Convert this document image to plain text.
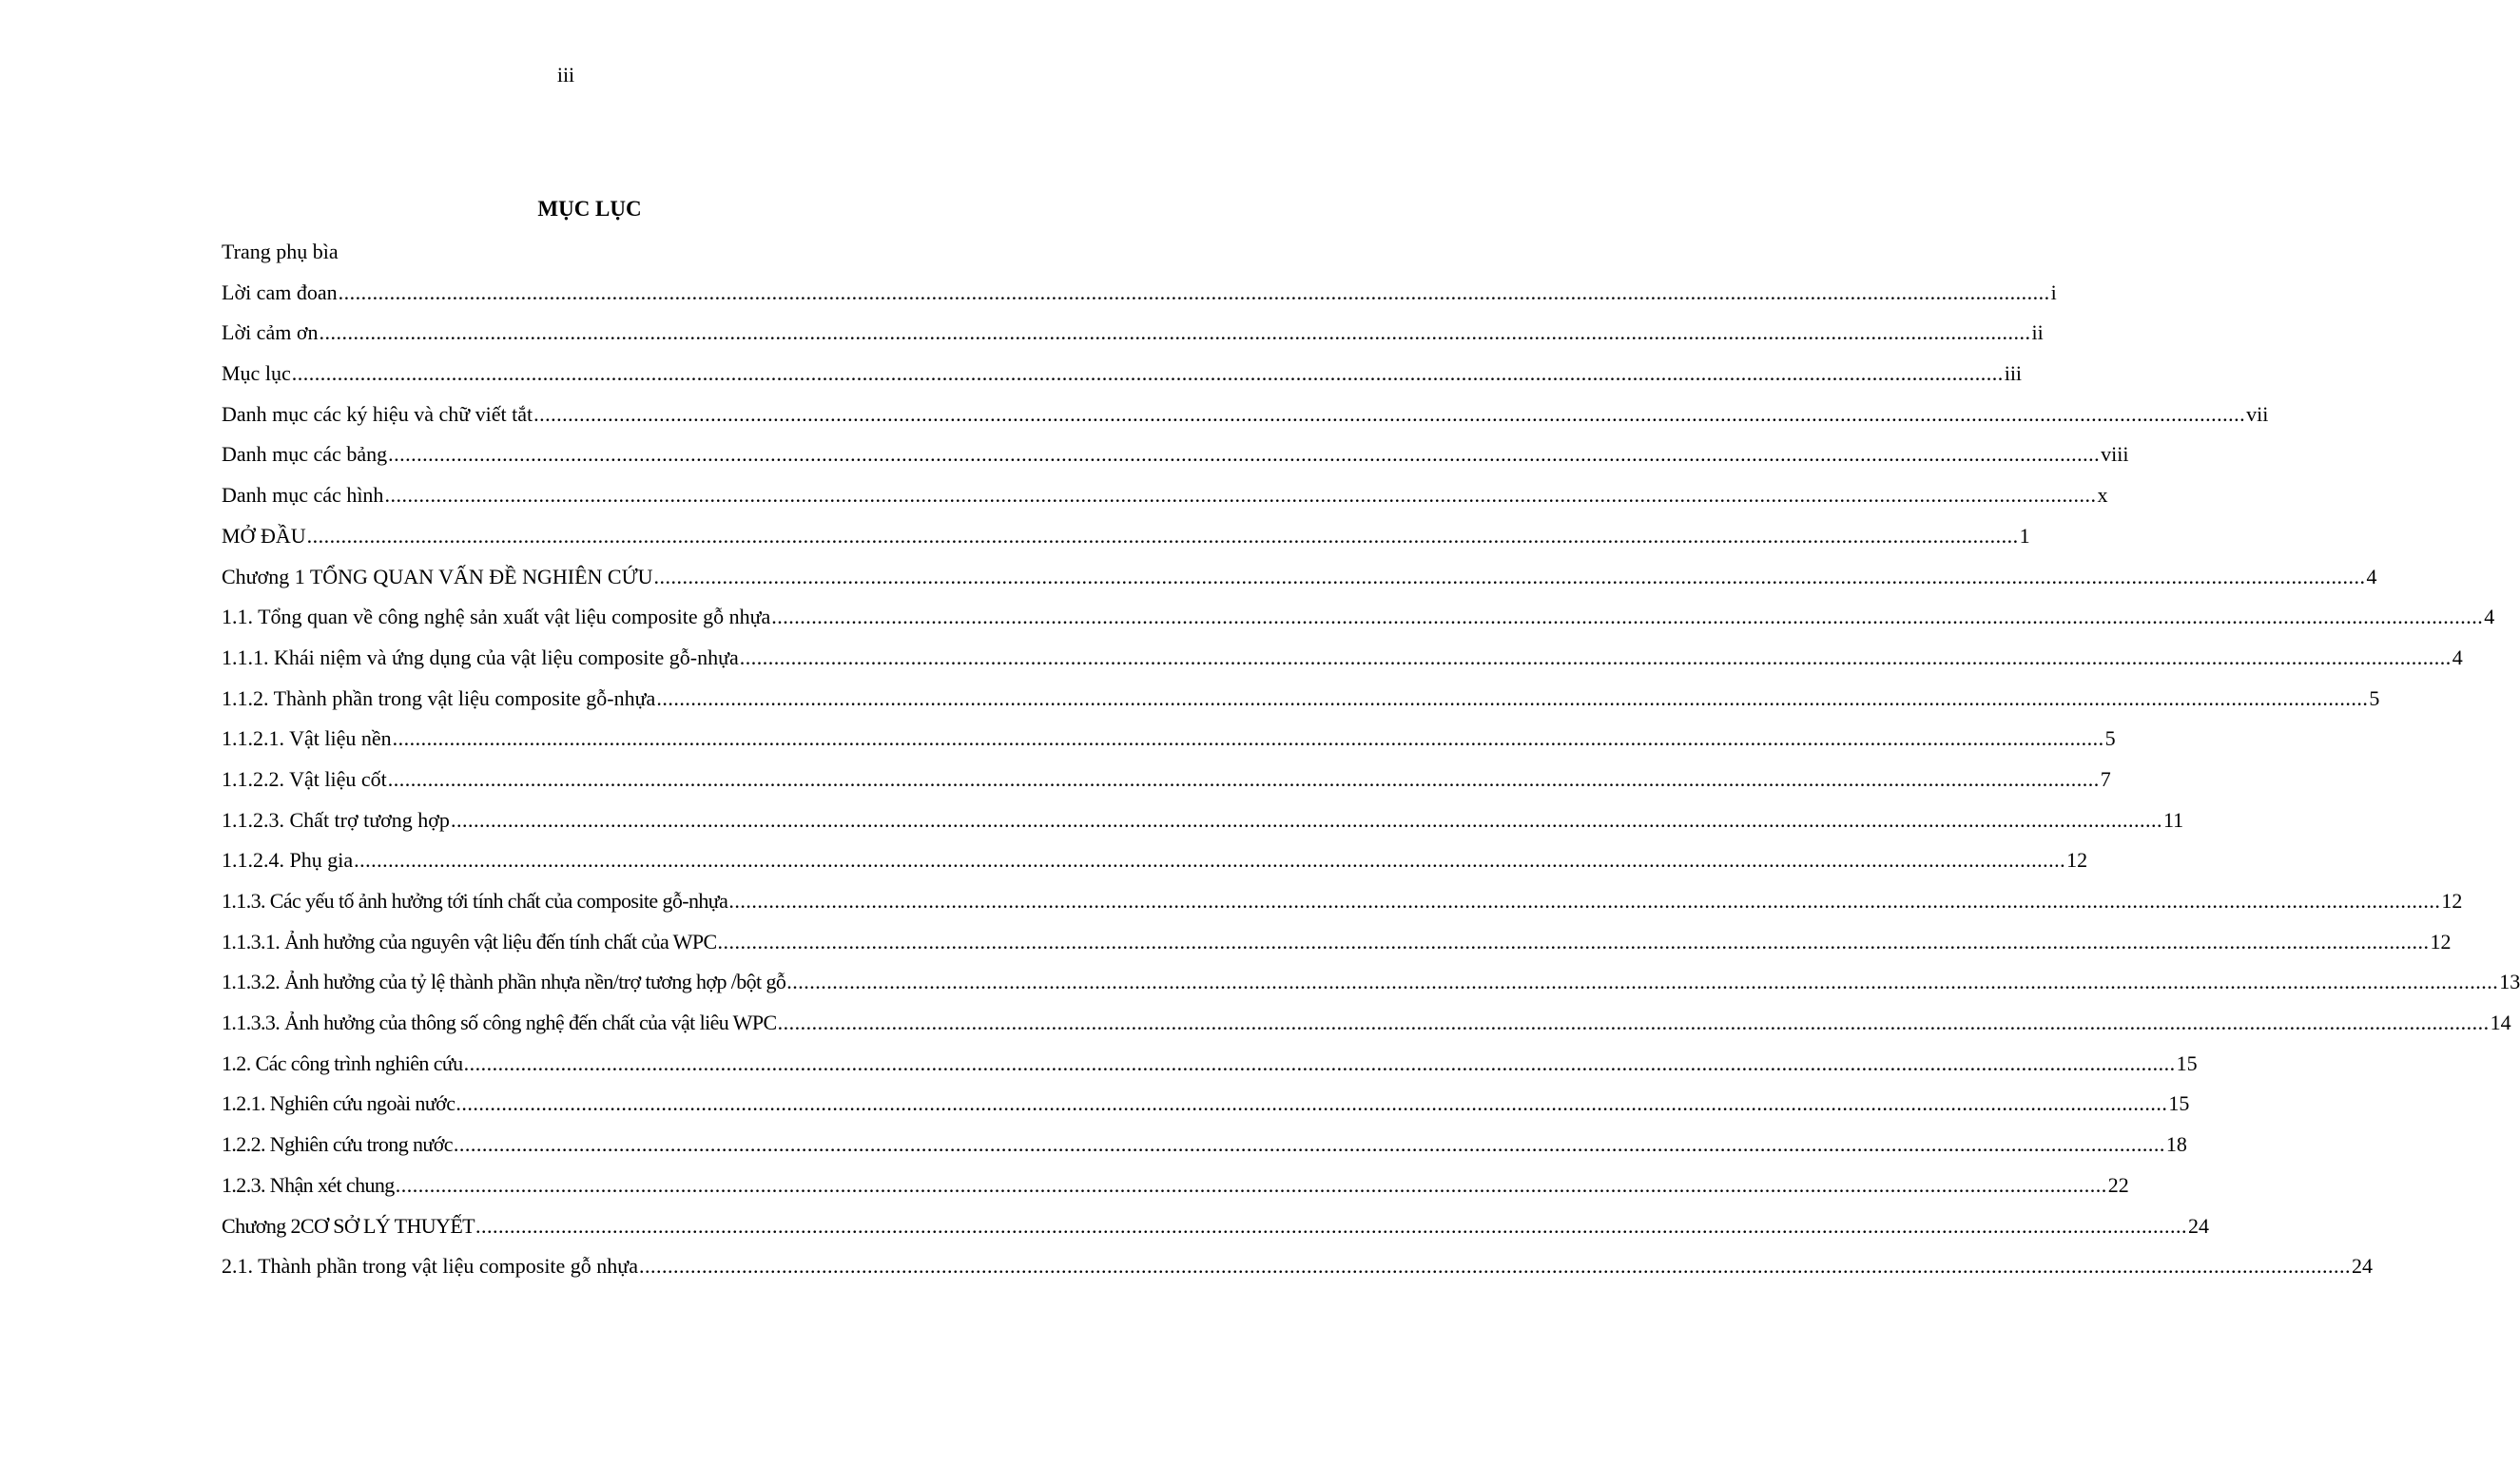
iii
MỤC LỤC
Trang phụ bìa
Lời cam đoan ............................................................................................................................................................................................................................................................................................................ i
Lời cảm ơn ............................................................................................................................................................................................................................................................................................................ ii
Mục lục ............................................................................................................................................................................................................................................................................................................ iii
Danh mục các ký hiệu và chữ viết tắt ............................................................................................................................................................................................................................................................................................................ vii
Danh mục các bảng ............................................................................................................................................................................................................................................................................................................ viii
Danh mục các hình ............................................................................................................................................................................................................................................................................................................ x
MỞ ĐẦU ............................................................................................................................................................................................................................................................................................................ 1
Chương 1 TỔNG QUAN VẤN ĐỀ NGHIÊN CỨU ............................................................................................................................................................................................................................................................................................................ 4
1.1. Tổng quan về công nghệ sản xuất vật liệu composite gỗ nhựa ............................................................................................................................................................................................................................................................................................................ 4
1.1.1. Khái niệm và ứng dụng của vật liệu composite gỗ-nhựa ............................................................................................................................................................................................................................................................................................................ 4
1.1.2. Thành phần trong vật liệu composite gỗ-nhựa ............................................................................................................................................................................................................................................................................................................ 5
1.1.2.1. Vật liệu nền ............................................................................................................................................................................................................................................................................................................ 5
1.1.2.2. Vật liệu cốt ............................................................................................................................................................................................................................................................................................................ 7
1.1.2.3. Chất trợ tương hợp ............................................................................................................................................................................................................................................................................................................ 11
1.1.2.4. Phụ gia ............................................................................................................................................................................................................................................................................................................ 12
1.1.3. Các yếu tố ảnh hưởng tới tính chất của composite gỗ-nhựa ............................................................................................................................................................................................................................................................................................................ 12
1.1.3.1. Ảnh hưởng của nguyên vật liệu đến tính chất của WPC ............................................................................................................................................................................................................................................................................................................ 12
1.1.3.2. Ảnh hưởng của tỷ lệ thành phần nhựa nền/trợ tương hợp /bột gỗ ............................................................................................................................................................................................................................................................................................................ 13
1.1.3.3. Ảnh hưởng của thông số công nghệ đến chất của vật liêu WPC ............................................................................................................................................................................................................................................................................................................ 14
1.2. Các công trình nghiên cứu ............................................................................................................................................................................................................................................................................................................ 15
1.2.1. Nghiên cứu ngoài nước ............................................................................................................................................................................................................................................................................................................ 15
1.2.2. Nghiên cứu trong nước ............................................................................................................................................................................................................................................................................................................ 18
1.2.3. Nhận xét chung ............................................................................................................................................................................................................................................................................................................ 22
Chương 2CƠ SỞ LÝ THUYẾT ............................................................................................................................................................................................................................................................................................................ 24
2.1. Thành phần trong vật liệu composite gỗ nhựa ............................................................................................................................................................................................................................................................................................................ 24
